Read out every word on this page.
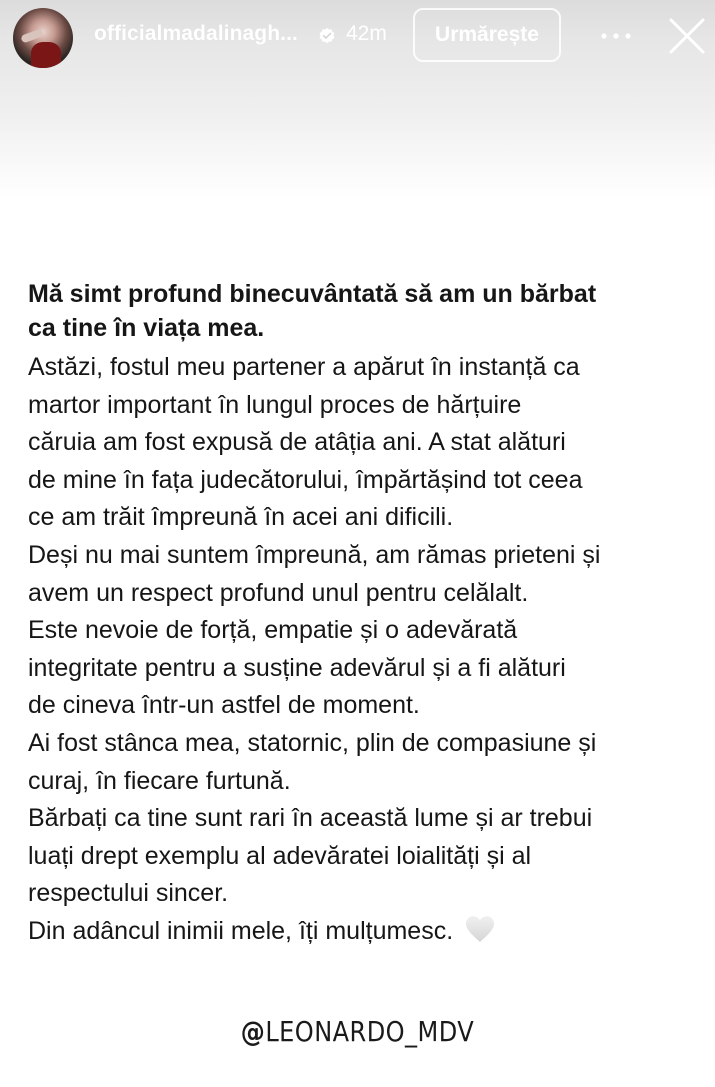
officialmadalinagh... 42m Urmărește
Mă simt profund binecuvântată să am un bărbat
ca tine în viața mea.
Astăzi, fostul meu partener a apărut în instanță ca
martor important în lungul proces de hărțuire
căruia am fost expusă de atâția ani. A stat alături
de mine în fața judecătorului, împărtășind tot ceea
ce am trăit împreună în acei ani dificili.
Deși nu mai suntem împreună, am rămas prieteni și
avem un respect profund unul pentru celălalt.
Este nevoie de forță, empatie și o adevărată
integritate pentru a susține adevărul și a fi alături
de cineva într-un astfel de moment.
Ai fost stânca mea, statornic, plin de compasiune și
curaj, în fiecare furtună.
Bărbați ca tine sunt rari în această lume și ar trebui
luați drept exemplu al adevăratei loialități și al
respectului sincer.
Din adâncul inimii mele, îți mulțumesc.
@LEONARDO_MDV
